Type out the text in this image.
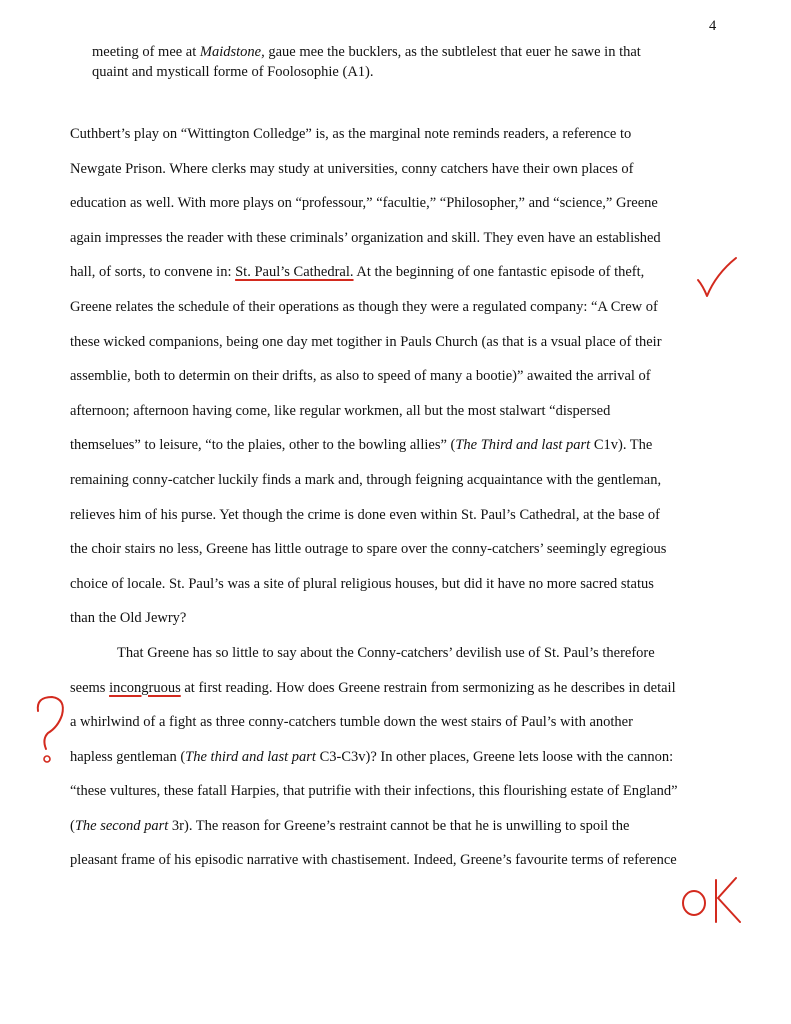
4

meeting of mee at Maidstone, gaue mee the bucklers, as the subtlelest that euer he sawe in that

quaint and mysticall forme of Foolosophie (A1).

Cuthbert’s play on “Wittington Colledge” is, as the marginal note reminds readers, a reference to
Newgate Prison. Where clerks may study at universities, conny catchers have their own places of
education as well. With more plays on “professour,” “facultie,” “Philosopher,” and “science,” Greene
again impresses the reader with these criminals’ organization and skill. They even have an established
hall, of sorts, to convene in: St. Paul’s Cathedral. At the beginning of one fantastic episode of theft,
Greene relates the schedule of their operations as though they were a regulated company: “A Crew of
these wicked companions, being one day met togither in Pauls Church (as that is a vsual place of their
assemblie, both to determin on their drifts, as also to speed of many a bootie)” awaited the arrival of
afternoon; afternoon having come, like regular workmen, all but the most stalwart “dispersed
themselues” to leisure, “to the plaies, other to the bowling allies” (The Third and last part C1v). The
remaining conny-catcher luckily finds a mark and, through feigning acquaintance with the gentleman,
relieves him of his purse. Yet though the crime is done even within St. Paul’s Cathedral, at the base of
the choir stairs no less, Greene has little outrage to spare over the conny-catchers’ seemingly egregious
choice of locale. St. Paul’s was a site of plural religious houses, but did it have no more sacred status
than the Old Jewry?
That Greene has so little to say about the Conny-catchers’ devilish use of St. Paul’s therefore
seems incongruous at first reading. How does Greene restrain from sermonizing as he describes in detail
a whirlwind of a fight as three conny-catchers tumble down the west stairs of Paul’s with another
hapless gentleman (The third and last part C3-C3v)? In other places, Greene lets loose with the cannon:
“these vultures, these fatall Harpies, that putrifie with their infections, this flourishing estate of England”
(The second part 3r). The reason for Greene’s restraint cannot be that he is unwilling to spoil the
pleasant frame of his episodic narrative with chastisement. Indeed, Greene’s favourite terms of reference
OK
